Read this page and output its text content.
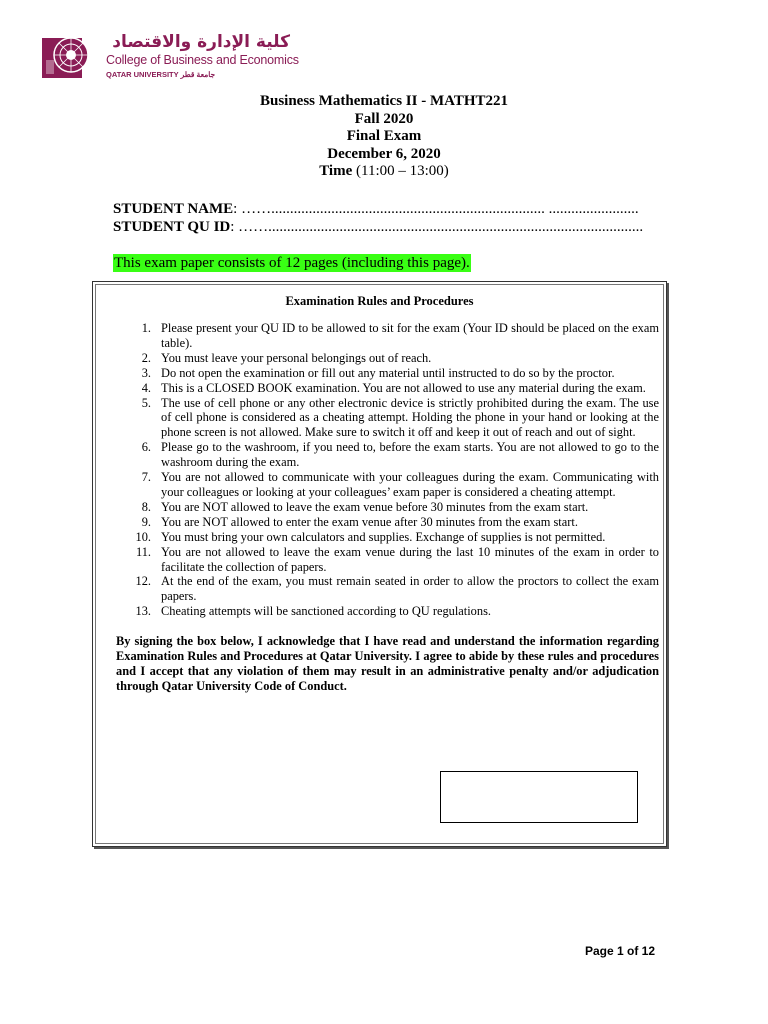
كلية الإدارة والاقتصاد
College of Business and Economics
QATAR UNIVERSITY جامعة قطر
Business Mathematics II - MATHT221
Fall 2020
Final Exam
December 6, 2020
Time (11:00 – 13:00)
STUDENT NAME: ……......................................................................... ........................
STUDENT QU ID: ……....................................................................................................
This exam paper consists of 12 pages (including this page).
Examination Rules and Procedures
1. Please present your QU ID to be allowed to sit for the exam (Your ID should be placed on the exam table).
2. You must leave your personal belongings out of reach.
3. Do not open the examination or fill out any material until instructed to do so by the proctor.
4. This is a CLOSED BOOK examination. You are not allowed to use any material during the exam.
5. The use of cell phone or any other electronic device is strictly prohibited during the exam. The use of cell phone is considered as a cheating attempt. Holding the phone in your hand or looking at the phone screen is not allowed. Make sure to switch it off and keep it out of reach and out of sight.
6. Please go to the washroom, if you need to, before the exam starts. You are not allowed to go to the washroom during the exam.
7. You are not allowed to communicate with your colleagues during the exam. Communicating with your colleagues or looking at your colleagues’ exam paper is considered a cheating attempt.
8. You are NOT allowed to leave the exam venue before 30 minutes from the exam start.
9. You are NOT allowed to enter the exam venue after 30 minutes from the exam start.
10. You must bring your own calculators and supplies. Exchange of supplies is not permitted.
11. You are not allowed to leave the exam venue during the last 10 minutes of the exam in order to facilitate the collection of papers.
12. At the end of the exam, you must remain seated in order to allow the proctors to collect the exam papers.
13. Cheating attempts will be sanctioned according to QU regulations.
By signing the box below, I acknowledge that I have read and understand the information regarding Examination Rules and Procedures at Qatar University. I agree to abide by these rules and procedures and I accept that any violation of them may result in an administrative penalty and/or adjudication through Qatar University Code of Conduct.
Page 1 of 12
